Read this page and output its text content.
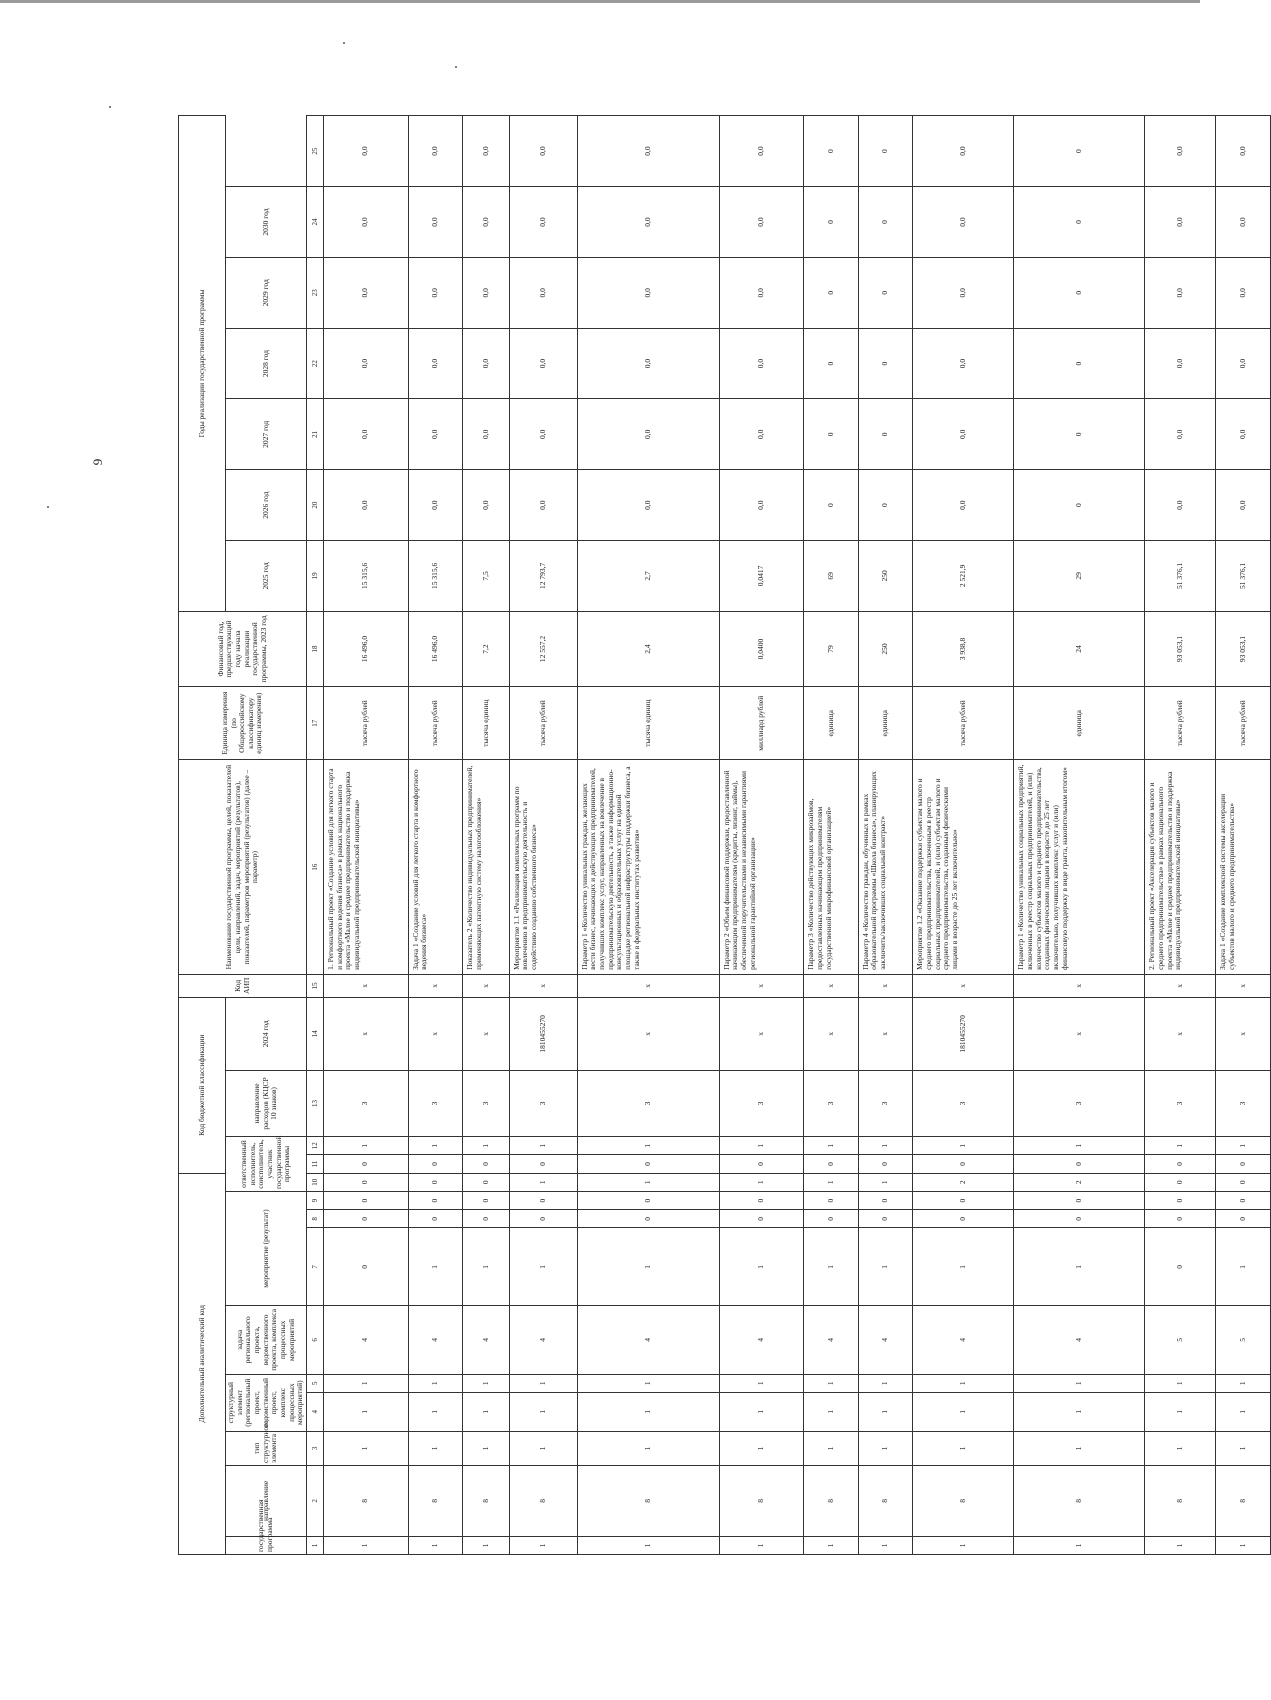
9
Дополнительный аналитический код										Код бюджетной классификации				Код АИП	Наименование государственной программы, целей, показателей цели, направлений, задач, мероприятий (результатов), показателей, параметров мероприятий (результатов) (далее – параметр)	Единица измерения (по Общероссийскому классификатору единиц измерения)	Финансовый год, предшествующий году начала реализации государственной программы, 2023 год	Годы реализации государственной программы						
государственная программа	направление	тип структурного элемента	структурный элемент (региональный проект, ведомственный проект, комплекс процессных мероприятий)		задача регионального проекта, ведомственного проекта, комплекса процессных мероприятий	мероприятие (результат)			ответственный исполнитель, соисполнитель, участник государственной программы			направление расходов (КЦСР 10 знаков)	2024 год					2025 год	2026 год	2027 год	2028 год	2029 год	2030 год	

1	2	3	4	5	6	7	8	9	10	11	12	13	14	15	16	17	18	19	20	21	22	23	24	25
1	8	1	1	1	4	0	0	0	0	0	1	3	x	x	1. Региональный проект «Создание условий для легкого старта и комфортного ведения бизнеса» в рамках национального проекта «Малое и среднее предпринимательство и поддержка индивидуальной предпринимательской инициативы»	тысяча рублей	16 496,0	15 315,6	0,0	0,0	0,0	0,0	0,0	0,0
1	8	1	1	1	4	1	0	0	0	0	1	3	x	x	Задача 1 «Создание условий для легкого старта и комфортного ведения бизнеса»	тысяча рублей	16 496,0	15 315,6	0,0	0,0	0,0	0,0	0,0	0,0
1	8	1	1	1	4	1	0	0	0	0	1	3	x	x	Показатель 2 «Количество индивидуальных предпринимателей, применяющих патентную систему налогообложения»	тысяча единиц	7,2	7,5	0,0	0,0	0,0	0,0	0,0	0,0
1	8	1	1	1	4	1	0	0	1	0	1	3	1810455270	x	Мероприятие 1.1 «Реализация комплексных программ по вовлечению в предпринимательскую деятельность и содействию созданию собственного бизнеса»	тысяча рублей	12 557,2	12 793,7	0,0	0,0	0,0	0,0	0,0	0,0
1	8	1	1	1	4	1	0	0	1	0	1	3	x	x	Параметр 1 «Количество уникальных граждан, желающих вести бизнес, начинающих и действующих предпринимателей, получивших комплекс услуг, направленных на вовлечение в предпринимательскую деятельность, а также информационно-консультационных и образовательных услуг на единой площадке региональной инфраструктуры поддержки бизнеса, а также в федеральных институтах развития»	тысяча единиц	2,4	2,7	0,0	0,0	0,0	0,0	0,0	0,0
1	8	1	1	1	4	1	0	0	1	0	1	3	x	x	Параметр 2 «Объем финансовой поддержки, предоставленной начинающим предпринимателям (кредиты, лизинг, займы), обеспеченной поручительствами и независимыми гарантиями региональной гарантийной организации»	миллиард рублей	0,0400	0,0417	0,0	0,0	0,0	0,0	0,0	0,0
1	8	1	1	1	4	1	0	0	1	0	1	3	x	x	Параметр 3 «Количество действующих микрозаймов, предоставленных начинающим предпринимателям государственной микрофинансовой организацией»	единица	79	69	0	0	0	0	0	0
1	8	1	1	1	4	1	0	0	1	0	1	3	x	x	Параметр 4 «Количество граждан, обученных в рамках образовательной программы «Школа бизнеса», планирующих заключить/заключивших социальный контракт»	единица	250	250	0	0	0	0	0	0
1	8	1	1	1	4	1	0	0	2	0	1	3	1810455270	x	Мероприятие 1.2 «Оказание поддержки субъектам малого и среднего предпринимательства, включенным в реестр социальных предпринимателей, и (или) субъектам малого и среднего предпринимательства, созданным физическими лицами в возрасте до 25 лет включительно»	тысяча рублей	3 938,8	2 521,9	0,0	0,0	0,0	0,0	0,0	0,0
1	8	1	1	1	4	1	0	0	2	0	1	3	x	x	Параметр 1 «Количество уникальных социальных предприятий, включенных в реестр социальных предпринимателей, и (или) количество субъектов малого и среднего предпринимательства, созданных физическими лицами в возрасте до 25 лет включительно, получивших комплекс услуг и (или) финансовую поддержку в виде гранта, накопительным итогом»	единица	24	29	0	0	0	0	0	0
1	8	1	1	1	5	0	0	0	0	0	1	3	x	x	2. Региональный проект «Акселерация субъектов малого и среднего предпринимательства» в рамках национального проекта «Малое и среднее предпринимательство и поддержка индивидуальной предпринимательской инициативы»	тысяча рублей	93 053,1	51 376,1	0,0	0,0	0,0	0,0	0,0	0,0
1	8	1	1	1	5	1	0	0	0	0	1	3	x	x	Задача 1 «Создание комплексной системы акселерации субъектов малого и среднего предпринимательства»	тысяча рублей	93 053,1	51 376,1	0,0	0,0	0,0	0,0	0,0	0,0
